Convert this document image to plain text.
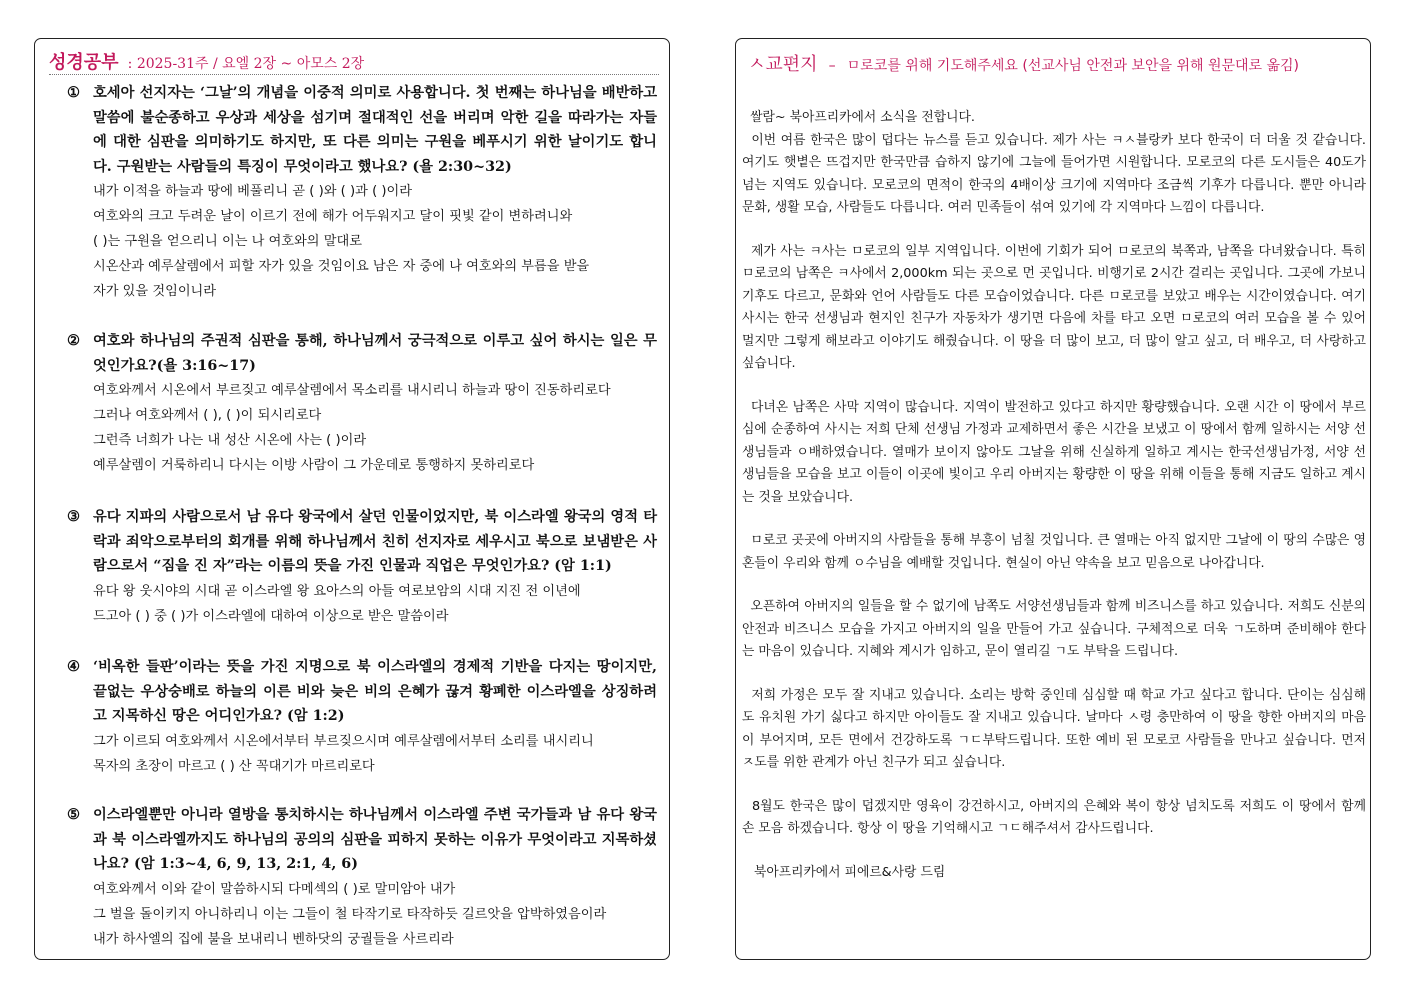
성경공부 : 2025-31주 / 요엘 2장 ~ 아모스 2장
① 호세아 선지자는 ‘그날’의 개념을 이중적 의미로 사용합니다. 첫 번째는 하나님을 배반하고 말씀에 불순종하고 우상과 세상을 섬기며 절대적인 선을 버리며 악한 길을 따라가는 자들에 대한 심판을 의미하기도 하지만, 또 다른 의미는 구원을 베푸시기 위한 날이기도 합니다. 구원받는 사람들의 특징이 무엇이라고 했나요? (욜 2:30~32)
내가 이적을 하늘과 땅에 베풀리니 곧 ( )와 ( )과 ( )이라
여호와의 크고 두려운 날이 이르기 전에 해가 어두워지고 달이 핏빛 같이 변하려니와
( )는 구원을 얻으리니 이는 나 여호와의 말대로
시온산과 예루살렘에서 피할 자가 있을 것임이요 남은 자 중에 나 여호와의 부름을 받을
자가 있을 것임이니라
② 여호와 하나님의 주권적 심판을 통해, 하나님께서 궁극적으로 이루고 싶어 하시는 일은 무엇인가요?(욜 3:16~17)
여호와께서 시온에서 부르짖고 예루살렘에서 목소리를 내시리니 하늘과 땅이 진동하리로다
그러나 여호와께서 ( ), ( )이 되시리로다
그런즉 너희가 나는 내 성산 시온에 사는 ( )이라
예루살렘이 거룩하리니 다시는 이방 사람이 그 가운데로 통행하지 못하리로다
③ 유다 지파의 사람으로서 남 유다 왕국에서 살던 인물이었지만, 북 이스라엘 왕국의 영적 타락과 죄악으로부터의 회개를 위해 하나님께서 친히 선지자로 세우시고 북으로 보냄받은 사람으로서 “짐을 진 자”라는 이름의 뜻을 가진 인물과 직업은 무엇인가요? (암 1:1)
유다 왕 웃시야의 시대 곧 이스라엘 왕 요아스의 아들 여로보암의 시대 지진 전 이년에
드고아 ( ) 중 ( )가 이스라엘에 대하여 이상으로 받은 말씀이라
④ ‘비옥한 들판’이라는 뜻을 가진 지명으로 북 이스라엘의 경제적 기반을 다지는 땅이지만, 끝없는 우상숭배로 하늘의 이른 비와 늦은 비의 은혜가 끊겨 황폐한 이스라엘을 상징하려고 지목하신 땅은 어디인가요? (암 1:2)
그가 이르되 여호와께서 시온에서부터 부르짖으시며 예루살렘에서부터 소리를 내시리니
목자의 초장이 마르고 ( ) 산 꼭대기가 마르리로다
⑤ 이스라엘뿐만 아니라 열방을 통치하시는 하나님께서 이스라엘 주변 국가들과 남 유다 왕국과 북 이스라엘까지도 하나님의 공의의 심판을 피하지 못하는 이유가 무엇이라고 지목하셨나요? (암 1:3~4, 6, 9, 13, 2:1, 4, 6)
여호와께서 이와 같이 말씀하시되 다메섹의 ( )로 말미암아 내가
그 벌을 돌이키지 아니하리니 이는 그들이 철 타작기로 타작하듯 길르앗을 압박하였음이라
내가 하사엘의 집에 불을 보내리니 벤하닷의 궁궐들을 사르리라
ㅅ교편지 – ㅁ로코를 위해 기도해주세요 (선교사님 안전과 보안을 위해 원문대로 옮김)

쌀람~ 북아프리카에서 소식을 전합니다.
이번 여름 한국은 많이 덥다는 뉴스를 듣고 있습니다. 제가 사는 ㅋㅅ블랑카 보다 한국이 더 더울 것 같습니다. 여기도 햇볕은 뜨겁지만 한국만큼 습하지 않기에 그늘에 들어가면 시원합니다. 모로코의 다른 도시들은 40도가 넘는 지역도 있습니다. 모로코의 면적이 한국의 4배이상 크기에 지역마다 조금씩 기후가 다릅니다. 뿐만 아니라 문화, 생활 모습, 사람들도 다릅니다. 여러 민족들이 섞여 있기에 각 지역마다 느낌이 다릅니다.

제가 사는 ㅋ사는 ㅁ로코의 일부 지역입니다. 이번에 기회가 되어 ㅁ로코의 북쪽과, 남쪽을 다녀왔습니다. 특히 ㅁ로코의 남쪽은 ㅋ사에서 2,000km 되는 곳으로 먼 곳입니다. 비행기로 2시간 걸리는 곳입니다. 그곳에 가보니 기후도 다르고, 문화와 언어 사람들도 다른 모습이었습니다. 다른 ㅁ로코를 보았고 배우는 시간이였습니다. 여기 사시는 한국 선생님과 현지인 친구가 자동차가 생기면 다음에 차를 타고 오면 ㅁ로코의 여러 모습을 볼 수 있어 멀지만 그렇게 해보라고 이야기도 해줬습니다. 이 땅을 더 많이 보고, 더 많이 알고 싶고, 더 배우고, 더 사랑하고 싶습니다.

다녀온 남쪽은 사막 지역이 많습니다. 지역이 발전하고 있다고 하지만 황량했습니다. 오랜 시간 이 땅에서 부르심에 순종하여 사시는 저희 단체 선생님 가정과 교제하면서 좋은 시간을 보냈고 이 땅에서 함께 일하시는 서양 선생님들과 ㅇ배하였습니다. 열매가 보이지 않아도 그날을 위해 신실하게 일하고 계시는 한국선생님가정, 서양 선생님들을 모습을 보고 이들이 이곳에 빛이고 우리 아버지는 황량한 이 땅을 위해 이들을 통해 지금도 일하고 계시는 것을 보았습니다.

ㅁ로코 곳곳에 아버지의 사람들을 통해 부흥이 넘칠 것입니다. 큰 열매는 아직 없지만 그날에 이 땅의 수많은 영혼들이 우리와 함께 ㅇ수님을 예배할 것입니다. 현실이 아닌 약속을 보고 믿음으로 나아갑니다.

오픈하여 아버지의 일들을 할 수 없기에 남쪽도 서양선생님들과 함께 비즈니스를 하고 있습니다. 저희도 신분의 안전과 비즈니스 모습을 가지고 아버지의 일을 만들어 가고 싶습니다. 구체적으로 더욱 ㄱ도하며 준비해야 한다는 마음이 있습니다. 지혜와 계시가 임하고, 문이 열리길 ㄱ도 부탁을 드립니다.

저희 가정은 모두 잘 지내고 있습니다. 소리는 방학 중인데 심심할 때 학교 가고 싶다고 합니다. 단이는 심심해도 유치원 가기 싫다고 하지만 아이들도 잘 지내고 있습니다. 날마다 ㅅ령 충만하여 이 땅을 향한 아버지의 마음이 부어지며, 모든 면에서 건강하도록 ㄱㄷ부탁드립니다. 또한 예비 된 모로코 사람들을 만나고 싶습니다. 먼저 ㅈ도를 위한 관계가 아닌 친구가 되고 싶습니다.

8월도 한국은 많이 덥겠지만 영육이 강건하시고, 아버지의 은혜와 복이 항상 넘치도록 저희도 이 땅에서 함께 손 모음 하겠습니다. 항상 이 땅을 기억해시고 ㄱㄷ해주셔서 감사드립니다.

북아프리카에서 피에르&사랑 드림
